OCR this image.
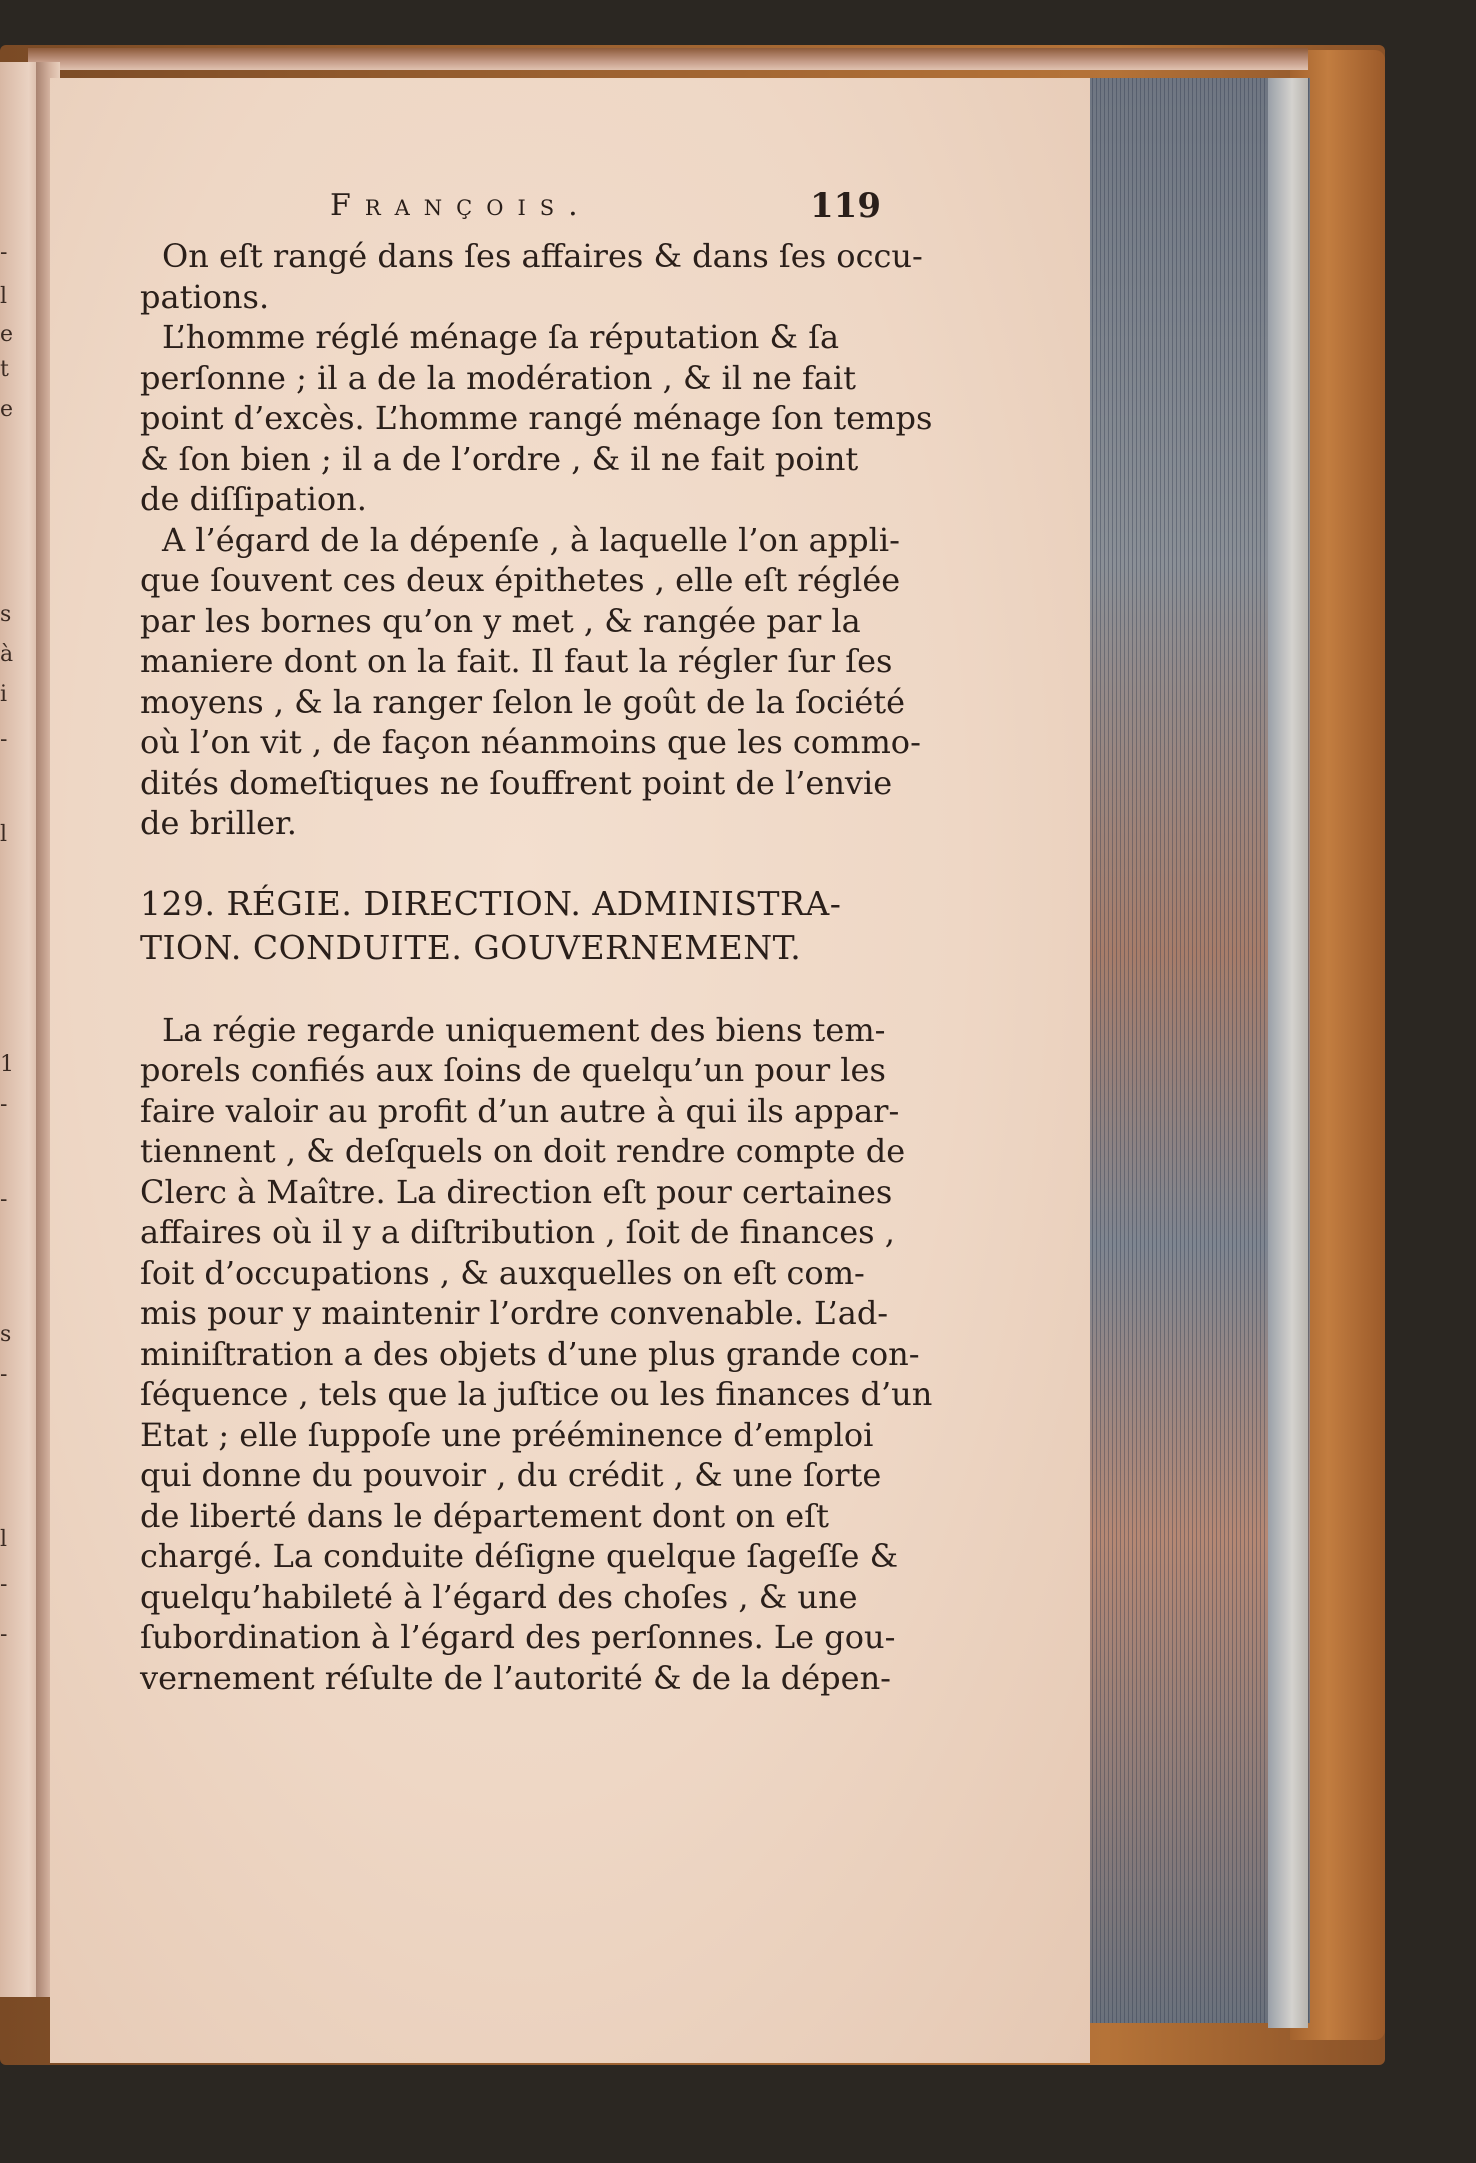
-
l
e
t
e
s
à
i
-
l
1
-
-
s
-
l
-
-
François.	119

On eſt rangé dans ſes affaires & dans ſes occu-
pations.

L’homme réglé ménage ſa réputation & ſa
perſonne ; il a de la modération , & il ne fait
point d’excès. L’homme rangé ménage ſon temps
& ſon bien ; il a de l’ordre , & il ne fait point
de diſſipation.

A l’égard de la dépenſe , à laquelle l’on appli-
que ſouvent ces deux épithetes , elle eſt réglée
par les bornes qu’on y met , & rangée par la
maniere dont on la fait. Il faut la régler ſur ſes
moyens , & la ranger ſelon le goût de la ſociété
où l’on vit , de façon néanmoins que les commo-
dités domeſtiques ne ſouffrent point de l’envie
de briller.

129. RÉGIE. DIRECTION. ADMINISTRA-
TION. CONDUITE. GOUVERNEMENT.

La régie regarde uniquement des biens tem-
porels confiés aux ſoins de quelqu’un pour les
faire valoir au profit d’un autre à qui ils appar-
tiennent , & deſquels on doit rendre compte de
Clerc à Maître. La direction eſt pour certaines
affaires où il y a diſtribution , ſoit de finances ,
ſoit d’occupations , & auxquelles on eſt com-
mis pour y maintenir l’ordre convenable. L’ad-
miniſtration a des objets d’une plus grande con-
ſéquence , tels que la juſtice ou les finances d’un
Etat ; elle ſuppoſe une prééminence d’emploi
qui donne du pouvoir , du crédit , & une ſorte
de liberté dans le département dont on eſt
chargé. La conduite déſigne quelque ſageſſe &
quelqu’habileté à l’égard des choſes , & une
ſubordination à l’égard des perſonnes. Le gou-
vernement réſulte de l’autorité & de la dépen-
